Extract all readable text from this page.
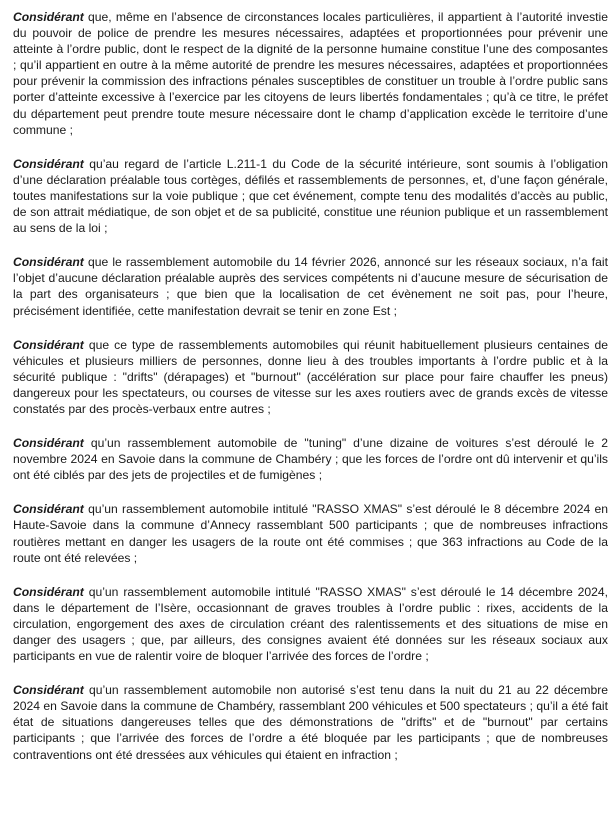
Considérant que, même en l’absence de circonstances locales particulières, il appartient à l’autorité investie du pouvoir de police de prendre les mesures nécessaires, adaptées et proportionnées pour prévenir une atteinte à l’ordre public, dont le respect de la dignité de la personne humaine constitue l’une des composantes ; qu’il appartient en outre à la même autorité de prendre les mesures nécessaires, adaptées et proportionnées pour prévenir la commission des infractions pénales susceptibles de constituer un trouble à l’ordre public sans porter d’atteinte excessive à l’exercice par les citoyens de leurs libertés fondamentales ; qu’à ce titre, le préfet du département peut prendre toute mesure nécessaire dont le champ d’application excède le territoire d’une commune ;

Considérant qu’au regard de l’article L.211-1 du Code de la sécurité intérieure, sont soumis à l’obligation d’une déclaration préalable tous cortèges, défilés et rassemblements de personnes, et, d’une façon générale, toutes manifestations sur la voie publique ; que cet événement, compte tenu des modalités d’accès au public, de son attrait médiatique, de son objet et de sa publicité, constitue une réunion publique et un rassemblement au sens de la loi ;

Considérant que le rassemblement automobile du 14 février 2026, annoncé sur les réseaux sociaux, n’a fait l’objet d’aucune déclaration préalable auprès des services compétents ni d’aucune mesure de sécurisation de la part des organisateurs ; que bien que la localisation de cet évènement ne soit pas, pour l’heure, précisément identifiée, cette manifestation devrait se tenir en zone Est ;

Considérant que ce type de rassemblements automobiles qui réunit habituellement plusieurs centaines de véhicules et plusieurs milliers de personnes, donne lieu à des troubles importants à l’ordre public et à la sécurité publique : "drifts" (dérapages) et "burnout" (accélération sur place pour faire chauffer les pneus) dangereux pour les spectateurs, ou courses de vitesse sur les axes routiers avec de grands excès de vitesse constatés par des procès-verbaux entre autres ;

Considérant qu’un rassemblement automobile de "tuning" d’une dizaine de voitures s’est déroulé le 2 novembre 2024 en Savoie dans la commune de Chambéry ; que les forces de l’ordre ont dû intervenir et qu’ils ont été ciblés par des jets de projectiles et de fumigènes ;

Considérant qu’un rassemblement automobile intitulé "RASSO XMAS" s’est déroulé le 8 décembre 2024 en Haute-Savoie dans la commune d’Annecy rassemblant 500 participants ; que de nombreuses infractions routières mettant en danger les usagers de la route ont été commises ; que 363 infractions au Code de la route ont été relevées ;

Considérant qu’un rassemblement automobile intitulé "RASSO XMAS" s’est déroulé le 14 décembre 2024, dans le département de l’Isère, occasionnant de graves troubles à l’ordre public : rixes, accidents de la circulation, engorgement des axes de circulation créant des ralentissements et des situations de mise en danger des usagers ; que, par ailleurs, des consignes avaient été données sur les réseaux sociaux aux participants en vue de ralentir voire de bloquer l’arrivée des forces de l’ordre ;

Considérant qu’un rassemblement automobile non autorisé s’est tenu dans la nuit du 21 au 22 décembre 2024 en Savoie dans la commune de Chambéry, rassemblant 200 véhicules et 500 spectateurs ; qu’il a été fait état de situations dangereuses telles que des démonstrations de "drifts" et de "burnout" par certains participants ; que l’arrivée des forces de l’ordre a été bloquée par les participants ; que de nombreuses contraventions ont été dressées aux véhicules qui étaient en infraction ;
